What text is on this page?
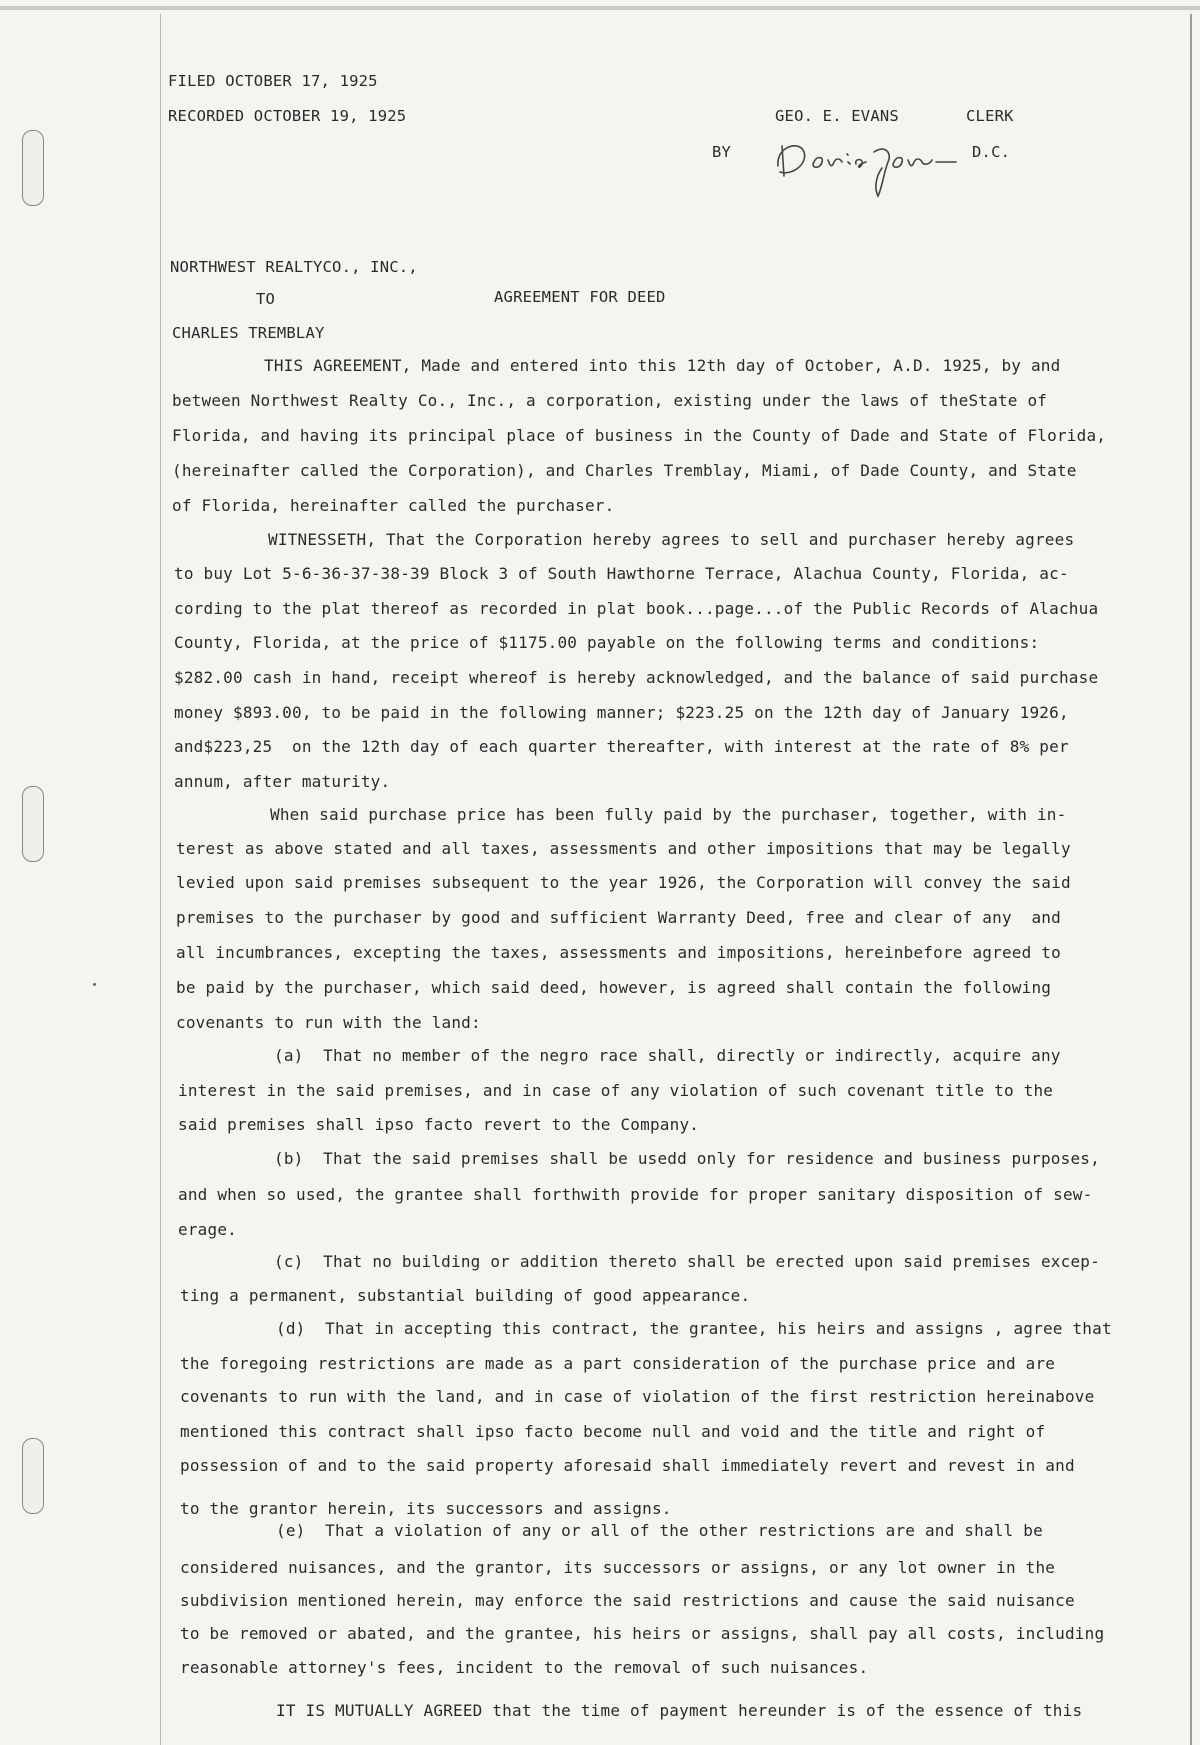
FILED OCTOBER 17, 1925
RECORDED OCTOBER 19, 1925	GEO. E. EVANS	CLERK
BY	D.C.
NORTHWEST REALTYCO., INC.,
TO	AGREEMENT FOR DEED
CHARLES TREMBLAY
THIS AGREEMENT, Made and entered into this 12th day of October, A.D. 1925, by and
between Northwest Realty Co., Inc., a corporation, existing under the laws of theState of
Florida, and having its principal place of business in the County of Dade and State of Florida,
(hereinafter called the Corporation), and Charles Tremblay, Miami, of Dade County, and State
of Florida, hereinafter called the purchaser.
WITNESSETH, That the Corporation hereby agrees to sell and purchaser hereby agrees
to buy Lot 5-6-36-37-38-39 Block 3 of South Hawthorne Terrace, Alachua County, Florida, ac-
cording to the plat thereof as recorded in plat book...page...of the Public Records of Alachua
County, Florida, at the price of $1175.00 payable on the following terms and conditions:
$282.00 cash in hand, receipt whereof is hereby acknowledged, and the balance of said purchase
money $893.00, to be paid in the following manner; $223.25 on the 12th day of January 1926,
and$223,25  on the 12th day of each quarter thereafter, with interest at the rate of 8% per
annum, after maturity.
When said purchase price has been fully paid by the purchaser, together, with in-
terest as above stated and all taxes, assessments and other impositions that may be legally
levied upon said premises subsequent to the year 1926, the Corporation will convey the said
premises to the purchaser by good and sufficient Warranty Deed, free and clear of any  and
all incumbrances, excepting the taxes, assessments and impositions, hereinbefore agreed to
be paid by the purchaser, which said deed, however, is agreed shall contain the following
covenants to run with the land:
(a)  That no member of the negro race shall, directly or indirectly, acquire any
interest in the said premises, and in case of any violation of such covenant title to the
said premises shall ipso facto revert to the Company.
(b)  That the said premises shall be usedd only for residence and business purposes,
and when so used, the grantee shall forthwith provide for proper sanitary disposition of sew-
erage.
(c)  That no building or addition thereto shall be erected upon said premises excep-
ting a permanent, substantial building of good appearance.
(d)  That in accepting this contract, the grantee, his heirs and assigns , agree that
the foregoing restrictions are made as a part consideration of the purchase price and are
covenants to run with the land, and in case of violation of the first restriction hereinabove
mentioned this contract shall ipso facto become null and void and the title and right of
possession of and to the said property aforesaid shall immediately revert and revest in and
to the grantor herein, its successors and assigns.
(e)  That a violation of any or all of the other restrictions are and shall be
considered nuisances, and the grantor, its successors or assigns, or any lot owner in the
subdivision mentioned herein, may enforce the said restrictions and cause the said nuisance
to be removed or abated, and the grantee, his heirs or assigns, shall pay all costs, including
reasonable attorney's fees, incident to the removal of such nuisances.
IT IS MUTUALLY AGREED that the time of payment hereunder is of the essence of this
